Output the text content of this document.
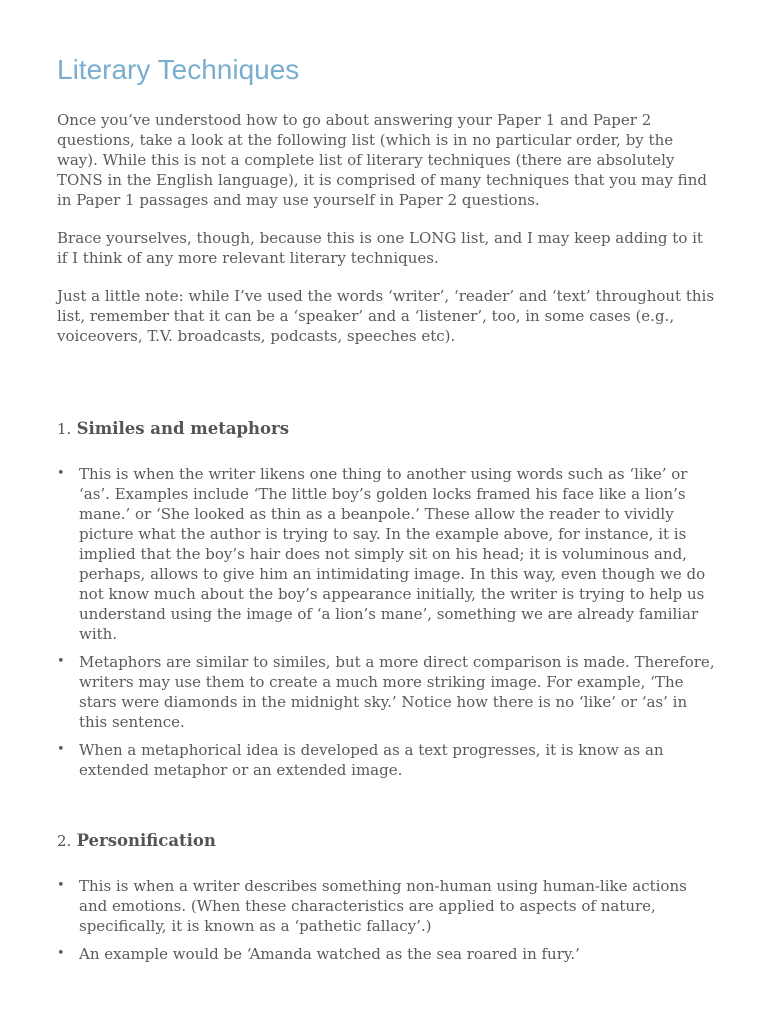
Literary Techniques

Once you’ve understood how to go about answering your Paper 1 and Paper 2 questions, take a look at the following list (which is in no particular order, by the way). While this is not a complete list of literary techniques (there are absolutely TONS in the English language), it is comprised of many techniques that you may find in Paper 1 passages and may use yourself in Paper 2 questions.

Brace yourselves, though, because this is one LONG list, and I may keep adding to it if I think of any more relevant literary techniques.

Just a little note: while I’ve used the words ‘writer’, ‘reader’ and ‘text’ throughout this list, remember that it can be a ‘speaker’ and a ‘listener’, too, in some cases (e.g., voiceovers, T.V. broadcasts, podcasts, speeches etc).

1. Similes and metaphors
• This is when the writer likens one thing to another using words such as ‘like’ or ‘as’. Examples include ‘The little boy’s golden locks framed his face like a lion’s mane.’ or ‘She looked as thin as a beanpole.’ These allow the reader to vividly picture what the author is trying to say. In the example above, for instance, it is implied that the boy’s hair does not simply sit on his head; it is voluminous and, perhaps, allows to give him an intimidating image. In this way, even though we do not know much about the boy’s appearance initially, the writer is trying to help us understand using the image of ‘a lion’s mane’, something we are already familiar with.
• Metaphors are similar to similes, but a more direct comparison is made. Therefore, writers may use them to create a much more striking image. For example, ‘The stars were diamonds in the midnight sky.’ Notice how there is no ‘like’ or ‘as’ in this sentence.
• When a metaphorical idea is developed as a text progresses, it is know as an extended metaphor or an extended image.
2. Personification
• This is when a writer describes something non-human using human-like actions and emotions. (When these characteristics are applied to aspects of nature, specifically, it is known as a ‘pathetic fallacy’.)
• An example would be ‘Amanda watched as the sea roared in fury.’
